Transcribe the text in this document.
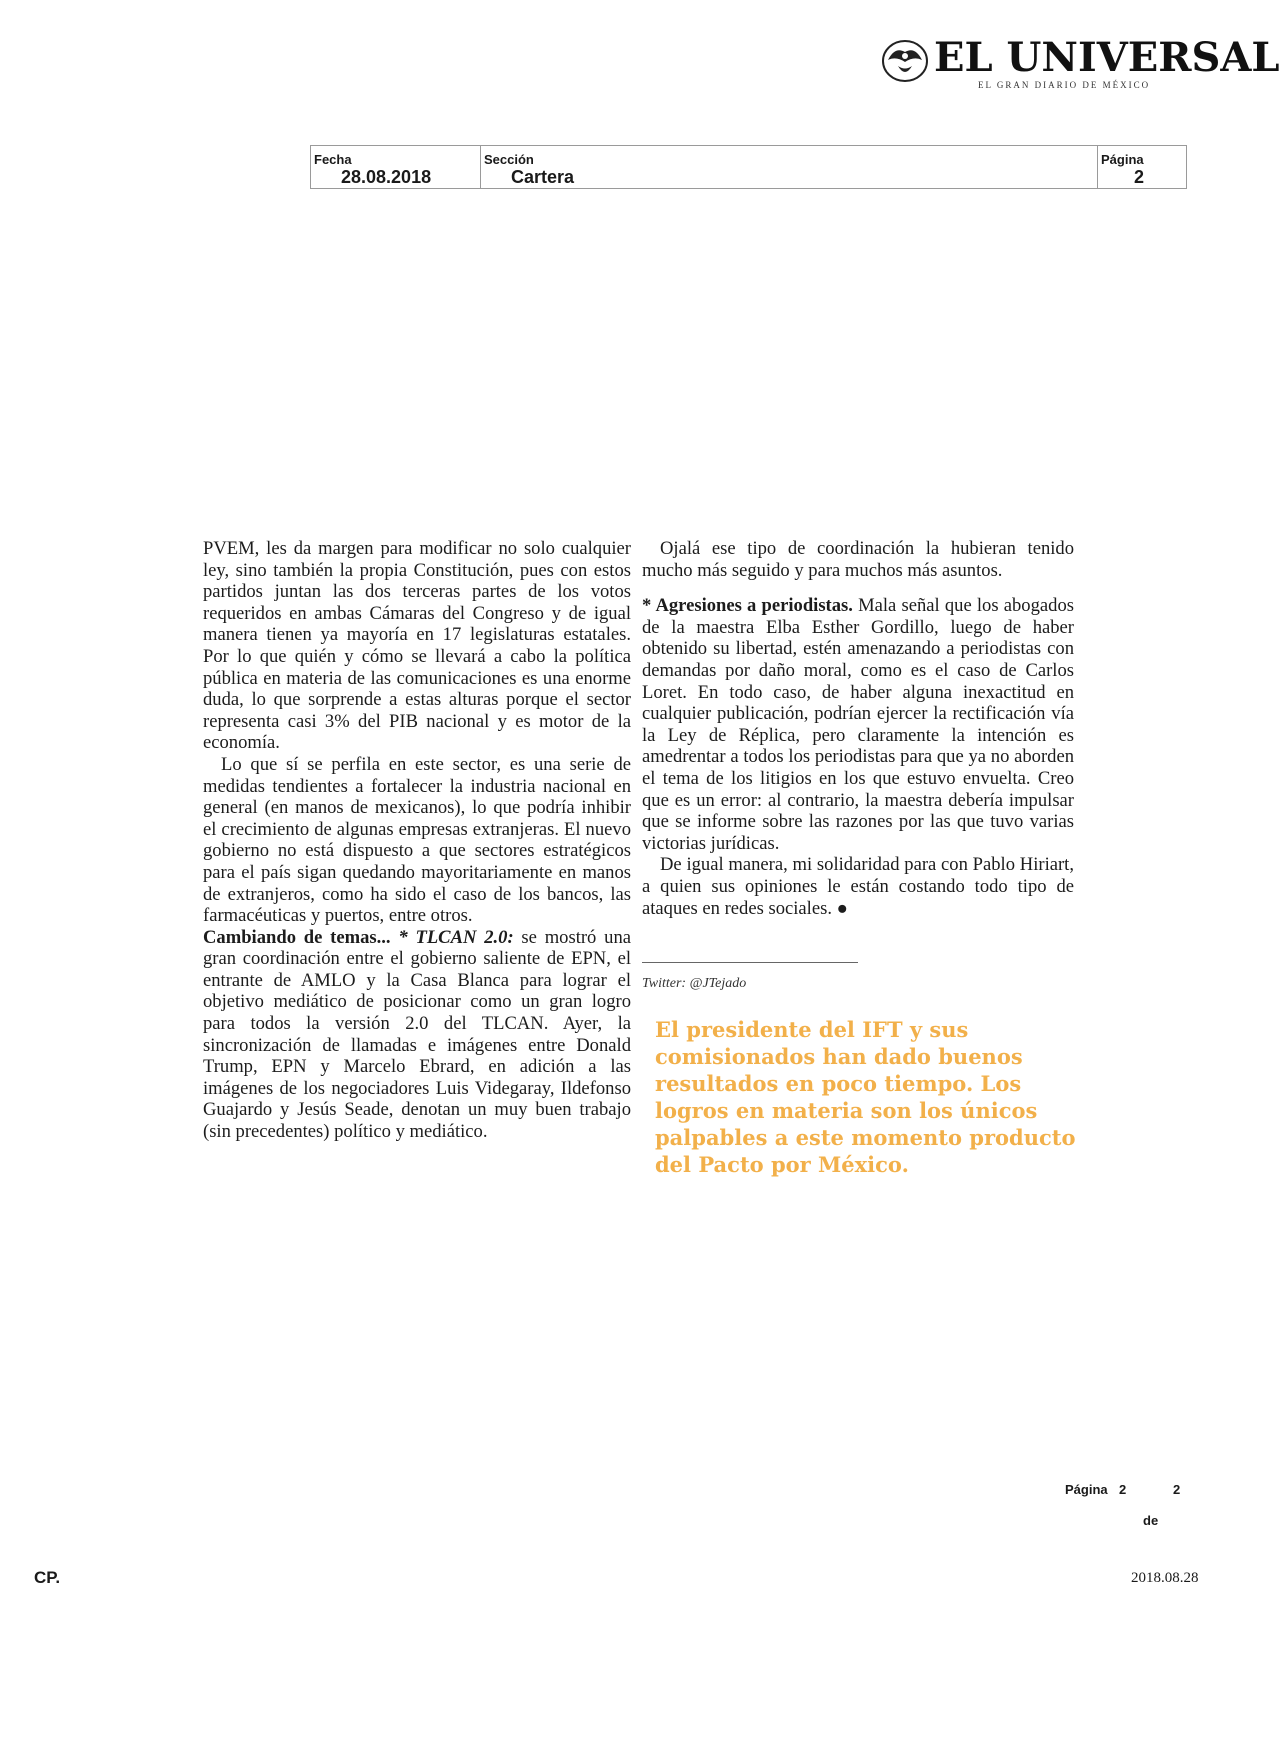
EL UNIVERSAL
EL GRAN DIARIO DE MÉXICO
Fecha
28.08.2018
Sección
Cartera
Página
2

PVEM, les da margen para modificar no solo cualquier ley, sino también la propia Constitución, pues con estos partidos juntan las dos terceras partes de los votos requeridos en ambas Cámaras del Congreso y de igual manera tienen ya mayoría en 17 legislaturas estatales. Por lo que quién y cómo se llevará a cabo la política pública en materia de las comunicaciones es una enorme duda, lo que sorprende a estas alturas porque el sector representa casi 3% del PIB nacional y es motor de la economía.

Lo que sí se perfila en este sector, es una serie de medidas tendientes a fortalecer la industria nacional en general (en manos de mexicanos), lo que podría inhibir el crecimiento de algunas empresas extranjeras. El nuevo gobierno no está dispuesto a que sectores estratégicos para el país sigan quedando mayoritariamente en manos de extranjeros, como ha sido el caso de los bancos, las farmacéuticas y puertos, entre otros.

Cambiando de temas... * TLCAN 2.0: se mostró una gran coordinación entre el gobierno saliente de EPN, el entrante de AMLO y la Casa Blanca para lograr el objetivo mediático de posicionar como un gran logro para todos la versión 2.0 del TLCAN. Ayer, la sincronización de llamadas e imágenes entre Donald Trump, EPN y Marcelo Ebrard, en adición a las imágenes de los negociadores Luis Videgaray, Ildefonso Guajardo y Jesús Seade, denotan un muy buen trabajo (sin precedentes) político y mediático.

Ojalá ese tipo de coordinación la hubieran tenido mucho más seguido y para muchos más asuntos.

* Agresiones a periodistas. Mala señal que los abogados de la maestra Elba Esther Gordillo, luego de haber obtenido su libertad, estén amenazando a periodistas con demandas por daño moral, como es el caso de Carlos Loret. En todo caso, de haber alguna inexactitud en cualquier publicación, podrían ejercer la rectificación vía la Ley de Réplica, pero claramente la intención es amedrentar a todos los periodistas para que ya no aborden el tema de los litigios en los que estuvo envuelta. Creo que es un error: al contrario, la maestra debería impulsar que se informe sobre las razones por las que tuvo varias victorias jurídicas.

De igual manera, mi solidaridad para con Pablo Hiriart, a quien sus opiniones le están costando todo tipo de ataques en redes sociales. ●

Twitter: @JTejado
El presidente del IFT y sus comisionados han dado buenos resultados en poco tiempo. Los logros en materia son los únicos palpables a este momento producto del Pacto por México.
Página 2	2
de
CP.	2018.08.28
